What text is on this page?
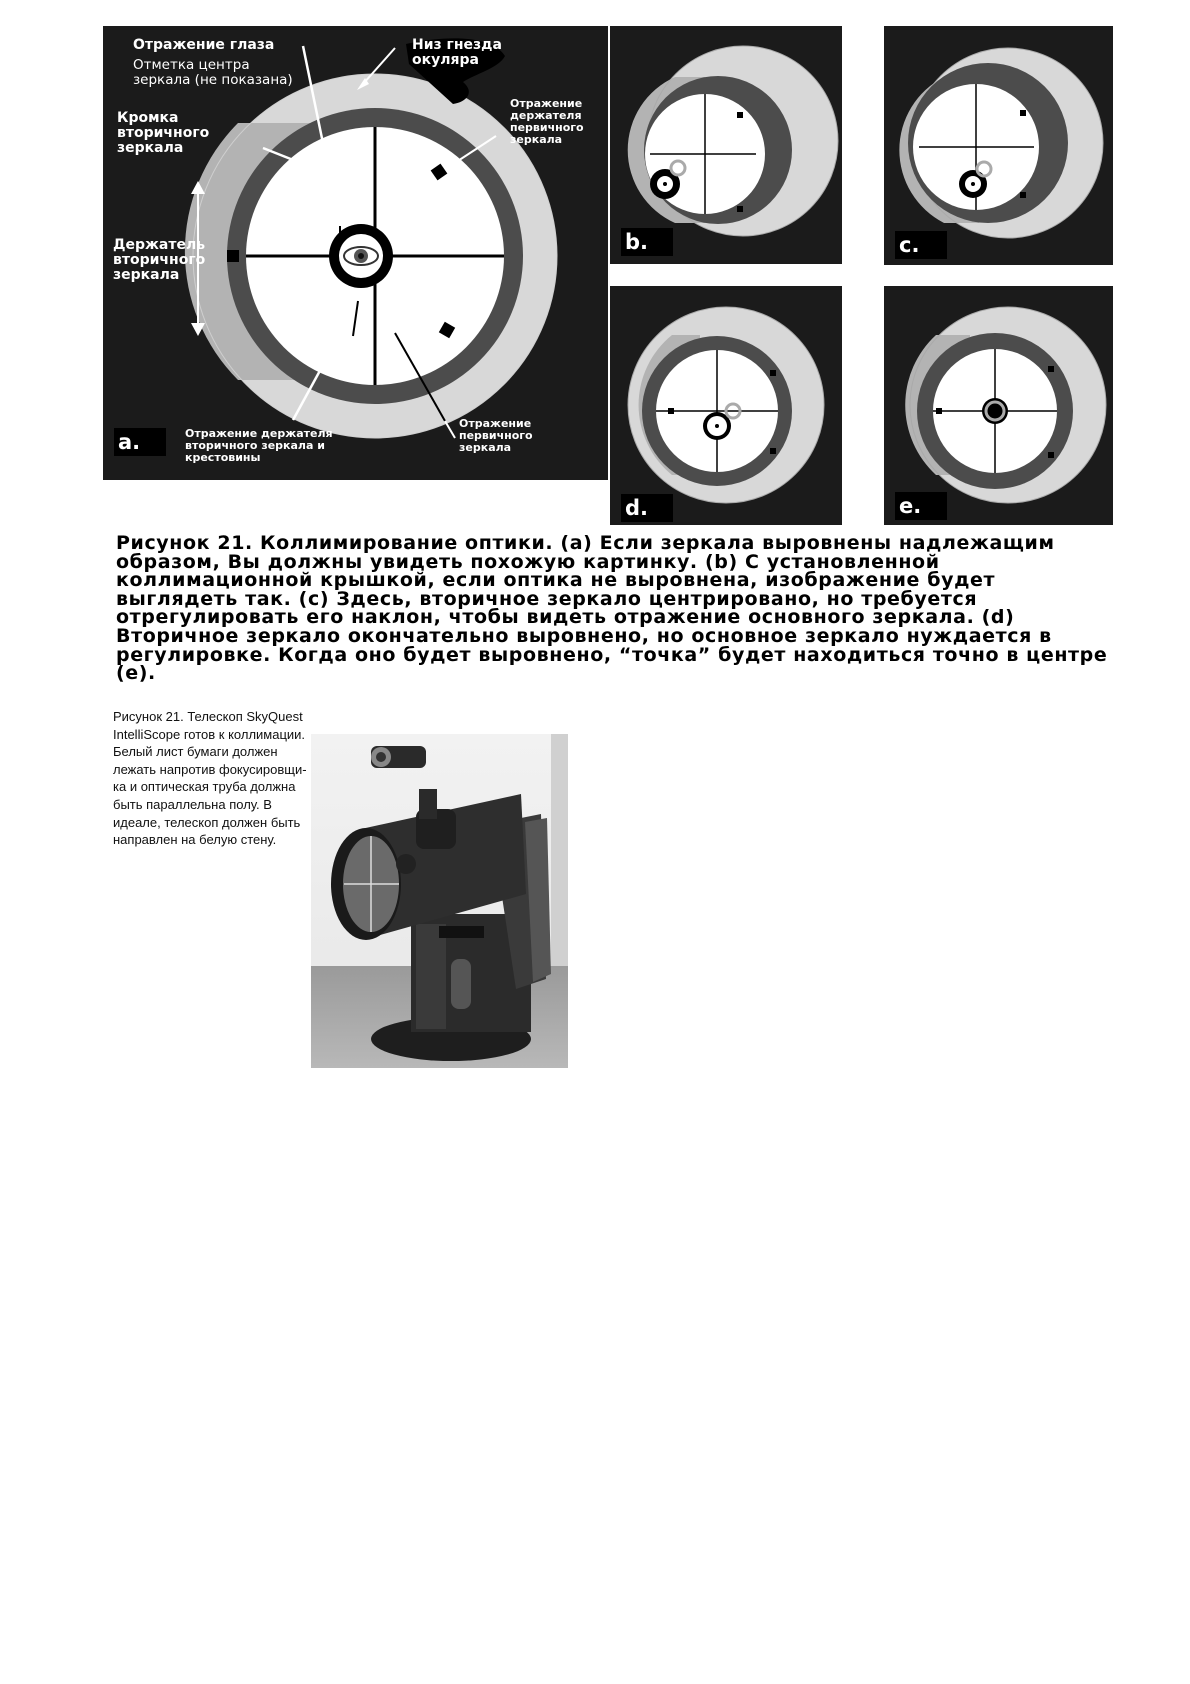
Отражение глаза
Отметка центра зеркала (не показана)
Низ гнезда окуляра
Отражение держателя первичного зеркала
Кромка вторичного зеркала
Держатель вторичного зеркала
Отражение держателя вторичного зеркала и крестовины
Отражение первичного зеркала
a.
b.	c.
d.	e.

Рисунок 21. Коллимирование оптики. (а) Если зеркала выровнены надлежащим образом, Вы должны увидеть похожую картинку. (b) С установленной коллимационной крышкой, если оптика не выровнена, изображение будет выглядеть так. (с) Здесь, вторичное зеркало центрировано, но требуется отрегулировать его наклон, чтобы видеть отражение основного зеркала. (d) Вторичное зеркало окончательно выровнено, но основное зеркало нуждается в регулировке. Когда оно будет выровнено, “точка” будет находиться точно в центре (е).

Рисунок 21. Телескоп SkyQuest IntelliScope готов к коллимации. Белый лист бумаги должен лежать напротив фокусировщи-ка и оптическая труба должна быть параллельна полу. В идеале, телескоп должен быть направлен на белую стену.
